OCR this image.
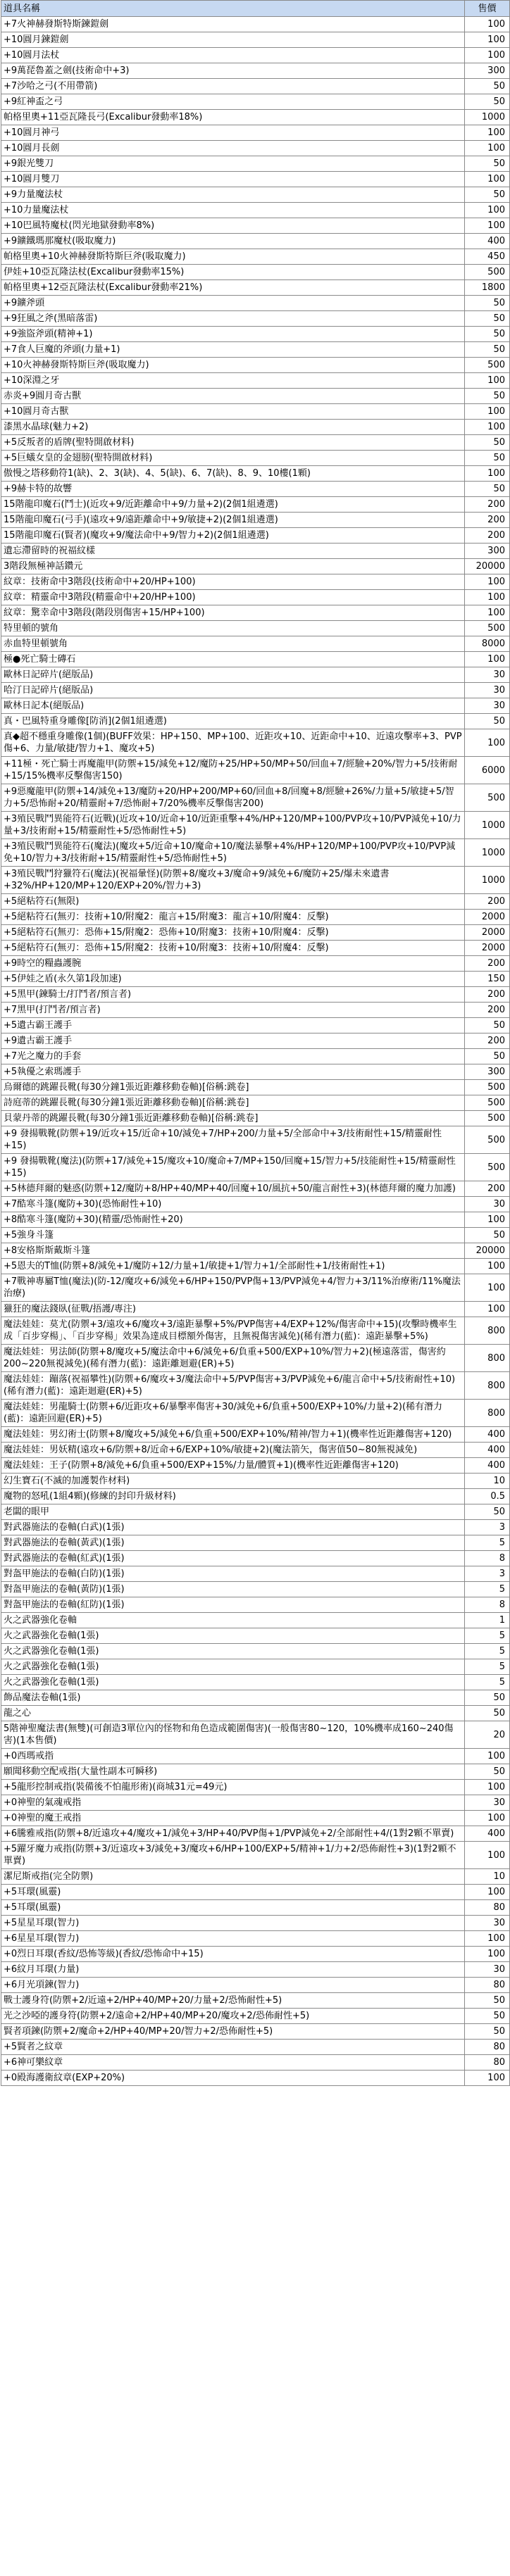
道具名稱	售價
+7火神赫發斯特斯鍊鎧劍	100
+10圓月鍊鎧劍	100
+10圓月法杖	100
+9萬琵魯蓋之劍(技術命中+3)	300
+7沙哈之弓(不用帶箭)	50
+9紅神盃之弓	50
帕格里奧+11亞瓦隆長弓(Excalibur發動率18%)	1000
+10圓月神弓	100
+10圓月長劍	100
+9銀光雙刀	50
+10圓月雙刀	100
+9力量魔法杖	50
+10力量魔法杖	100
+10巴風特魔杖(閃光地獄發動率8%)	100
+9鑛鐵瑪那魔杖(吸取魔力)	400
帕格里奧+10火神赫發斯特斯巨斧(吸取魔力)	450
伊娃+10亞瓦隆法杖(Excalibur發動率15%)	500
帕格里奧+12亞瓦隆法杖(Excalibur發動率21%)	1800
+9鑛斧頭	50
+9狂風之斧(黑暗落雷)	50
+9強盜斧頭(精神+1)	50
+7食人巨魔的斧頭(力量+1)	50
+10火神赫發斯特斯巨斧(吸取魔力)	500
+10深淵之牙	100
赤炎+9圓月奇古獸	50
+10圓月奇古獸	100
漆黑水晶球(魅力+2)	100
+5反叛者的盾牌(聖特開啟材料)	50
+5巨蟻女皇的金翅膀(聖特開啟材料)	50
傲慢之塔移動符1(缺)、2、3(缺)、4、5(缺)、6、7(缺)、8、9、10樓(1顆)	100
+9赫卡特的故響	50
15階龍印魔石(鬥士)(近攻+9/近距離命中+9/力量+2)(2個1組遴選)	200
15階龍印魔石(弓手)(遠攻+9/遠距離命中+9/敏捷+2)(2個1組遴選)	200
15階龍印魔石(賢者)(魔攻+9/魔法命中+9/智力+2)(2個1組遴選)	200
遺忘滯留時的祝福紋樣	300
3階段無極神話鑽元	20000
紋章：技術命中3階段(技術命中+20/HP+100)	100
紋章：精靈命中3階段(精靈命中+20/HP+100)	100
紋章：驚幸命中3階段(階段別傷害+15/HP+100)	100
特里頓的號角	500
赤血特里頓號角	8000
極●死亡騎士磚石	100
歐林日記碎片(絕版品)	30
哈汀日記碎片(絕版品)	30
歐林日記本(絕版品)	30
真・巴風特重身雕像[防消](2個1組遴選)	50
真◆超不穩重身雕像(1個)(BUFF效果：HP+150、MP+100、近距攻+10、近距命中+10、近遠攻擊率+3、PVP傷+6、力量/敏捷/智力+1、魔攻+5)	100
+11極・死亡騎士再魔龍甲(防禦+15/減免+12/魔防+25/HP+50/MP+50/回血+7/經驗+20%/智力+5/技術耐+15/15%機率反擊傷害150)	6000
+9惡魔龍甲(防禦+14/減免+13/魔防+20/HP+200/MP+60/回血+8/回魔+8/經驗+26%/力量+5/敏捷+5/智力+5/恐怖耐+20/精靈耐+7/恐怖耐+7/20%機率反擊傷害200)	500
+3殖民戰鬥異能符石(近戰)(近攻+10/近命+10/近距重擊+4%/HP+120/MP+100/PVP攻+10/PVP減免+10/力量+3/技術耐+15/精靈耐性+5/恐怖耐性+5)	1000
+3殖民戰鬥異能符石(魔法)(魔攻+5/近命+10/魔命+10/魔法暴擊+4%/HP+120/MP+100/PVP攻+10/PVP減免+10/智力+3/技術耐+15/精靈耐性+5/恐怖耐性+5)	1000
+3殖民戰鬥狩獵符石(魔法)(祝福暈怪)(防禦+8/魔攻+3/魔命+9/減免+6/魔防+25/爆未來遺書+32%/HP+120/MP+120/EXP+20%/智力+3)	1000
+5絕粘符石(無限)	200
+5絕粘符石(無刃：技術+10/附魔2：龍言+15/附魔3：龍言+10/附魔4：反擊)	2000
+5絕粘符石(無刃：恐佈+15/附魔2：恐佈+10/附魔3：技術+10/附魔4：反擊)	2000
+5絕粘符石(無刃：恐佈+15/附魔2：技術+10/附魔3：技術+10/附魔4：反擊)	2000
+9時空的糧蟲護腕	200
+5伊娃之盾(永久第1段加速)	150
+5黑甲(鍊騎士/打鬥者/預言者)	200
+7黑甲(打鬥者/預言者)	200
+5遺古霸王護手	50
+9遺古霸王護手	200
+7光之魔力的手套	50
+5執優之索瑪護手	300
烏爾德的跳躍長靴(每30分鐘1張近距離移動卷軸)[俗稱:跳卷]	500
詩庭蒂的跳躍長靴(每30分鐘1張近距離移動卷軸)[俗稱:跳卷]	500
貝蒙丹蒂的跳躍長靴(每30分鐘1張近距離移動卷軸)[俗稱:跳卷]	500
+9 發揚戰靴(防禦+19/近攻+15/近命+10/減免+7/HP+200/力量+5/全部命中+3/技術耐性+15/精靈耐性+15)	500
+9 發揚戰靴(魔法)(防禦+17/減免+15/魔攻+10/魔命+7/MP+150/回魔+15/智力+5/技能耐性+15/精靈耐性+15)	500
+5林德拜爾的魅惑(防禦+12/魔防+8/HP+40/MP+40/回魔+10/風抗+50/龍言耐性+3)(林德拜爾的魔力加護)	200
+7酷寒斗篷(魔防+30)(恐怖耐性+10)	30
+8酷寒斗篷(魔防+30)(精靈/恐怖耐性+20)	100
+5強身斗篷	50
+8安格斯斯戴斯斗篷	20000
+5恩夫的T恤(防禦+8/減免+1/魔防+12/力量+1/敏捷+1/智力+1/全部耐性+1/技術耐性+1)	100
+7戰神專屬T恤(魔法)(防-12/魔攻+6/減免+6/HP+150/PVP傷+13/PVP減免+4/智力+3/11%治療術/11%魔法治療)	100
獵狂的魔法錢臥(征戰/捂護/專注)	100
魔法娃娃：莫尤(防禦+3/遠攻+6/魔攻+3/遠距暴擊+5%/PVP傷害+4/EXP+12%/傷害命中+15)(攻擊時機率生成「百步穿楊」、「百步穿楊」效果為達成目標額外傷害，且無視傷害減免)(稀有潛力(藍)：遠距暴擊+5%)	800
魔法娃娃：男法師(防禦+8/魔攻+5/魔法命中+6/減免+6/負重+500/EXP+10%/智力+2)(極遠落雷，傷害約200~220無視減免)(稀有潛力(藍)：遠距離迴避(ER)+5)	800
魔法娃娃：蹦落(祝福攀性)(防禦+6/魔攻+3/魔法命中+5/PVP傷害+3/PVP減免+6/龍言命中+5/技術耐性+10)(稀有潛力(藍)：遠距迴避(ER)+5)	800
魔法娃娃：男龍騎士(防禦+6/近距攻+6/暴擊率傷害+30/減免+6/負重+500/EXP+10%/力量+2)(稀有潛力(藍)：遠距回避(ER)+5)	800
魔法娃娃：男幻術士(防禦+8/魔攻+5/減免+6/負重+500/EXP+10%/精神/智力+1)(機率性近距離傷害+120)	400
魔法娃娃：男妖精(遠攻+6/防禦+8/近命+6/EXP+10%/敏捷+2)(魔法箭矢，傷害值50~80無視減免)	400
魔法娃娃：王子(防禦+8/減免+6/負重+500/EXP+15%/力量/體質+1)(機率性近距離傷害+120)	400
幻生寶石(不滅的加護製作材料)	10
魔物的怒吼(1組4顆)(修練的封印升級材料)	0.5
老闆的眼甲	50
對武器施法的卷軸(白武)(1張)	3
對武器施法的卷軸(黃武)(1張)	5
對武器施法的卷軸(紅武)(1張)	8
對盔甲施法的卷軸(白防)(1張)	3
對盔甲施法的卷軸(黃防)(1張)	5
對盔甲施法的卷軸(紅防)(1張)	8
火之武器強化卷軸	1
火之武器強化卷軸(1張)	5
火之武器強化卷軸(1張)	5
火之武器強化卷軸(1張)	5
火之武器強化卷軸(1張)	5
飾品魔法卷軸(1張)	50
龍之心	50
5階神聖魔法書(無雙)(可創造3單位內的怪物和角色造成範圍傷害)(一般傷害80~120，10%機率成160~240傷害)(1本售價)	20
+0西瑪戒指	100
願聞移動空配戒指(大量性副本可瞬移)	50
+5龍形控制戒指(裝備後不怕龍形術)(商城31元=49元)	100
+0神聖的氣魂戒指	30
+0神聖的魔王戒指	100
+6騰雅戒指(防禦+8/近遠攻+4/魔攻+1/減免+3/HP+40/PVP傷+1/PVP減免+2/全部耐性+4/(1對2顆不單賣)	400
+5躍牙魔力戒指(防禦+3/近遠攻+3/減免+3/魔攻+6/HP+100/EXP+5/精神+1/力+2/恐佈耐性+3)(1對2顆不單賣)	100
潔尼斯戒指(完全防禦)	10
+5耳環(風靈)	100
+5耳環(風靈)	80
+5星星耳環(智力)	30
+6星星耳環(智力)	100
+0烈日耳環(香紋/恐怖等級)(香紋/恐怖命中+15)	100
+6紋月耳環(力量)	30
+6月光項鍊(智力)	80
戰士護身符(防禦+2/近遠+2/HP+40/MP+20/力量+2/恐怖耐性+5)	50
光之沙啞的護身符(防禦+2/遠命+2/HP+40/MP+20/魔攻+2/恐佈耐性+5)	50
賢者項鍊(防禦+2/魔命+2/HP+40/MP+20/智力+2/恐佈耐性+5)	50
+5賢者之紋章	80
+6神可樂紋章	80
+0殿海護衛紋章(EXP+20%)	100
